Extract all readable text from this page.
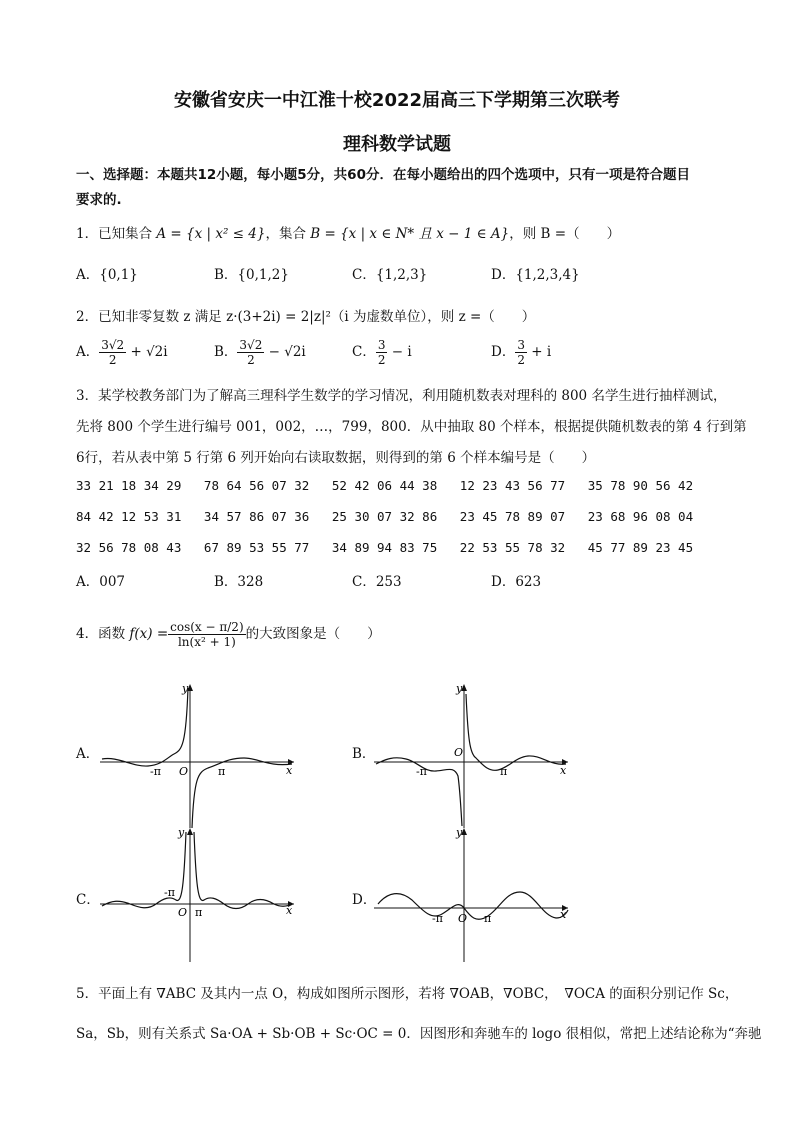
安徽省安庆一中江淮十校2022届高三下学期第三次联考
理科数学试题
一、选择题：本题共12小题，每小题5分，共60分．在每小题给出的四个选项中，只有一项是符合题目
要求的.
1．已知集合 A = {x | x² ≤ 4}，集合 B = {x | x ∈ N* 且 x − 1 ∈ A}，则 B =（　　）
A．{0,1}	B．{0,1,2}	C．{1,2,3}	D．{1,2,3,4}
2．已知非零复数 z 满足 z·(3+2i) = 2|z|²（i 为虚数单位），则 z =（　　）
A． $\frac{3√2}{2} + √2i$	B． $\frac{3√2}{2} - √2i$	C． $\frac{3}{2} - i$	D． $\frac{3}{2} + i$
3．某学校教务部门为了解高三理科学生数学的学习情况，利用随机数表对理科的 800 名学生进行抽样测试，
先将 800 个学生进行编号 001，002，…，799，800．从中抽取 80 个样本，根据提供随机数表的第 4 行到第
6行，若从表中第 5 行第 6 列开始向右读取数据，则得到的第 6 个样本编号是（　　）
33 21 18 34 29   78 64 56 07 32   52 42 06 44 38   12 23 43 56 77   35 78 90 56 42
84 42 12 53 31   34 57 86 07 36   25 30 07 32 86   23 45 78 89 07   23 68 96 08 04
32 56 78 08 43   67 89 53 55 77   34 89 94 83 75   22 53 55 78 32   45 77 89 23 45
A．007	B．328	C．253	D．623
4．函数 $f(x) = \frac{\cos(x - \pi/2)}{\text{ln(x² + 1)}}$ 的大致图象是（　　）
A．	B．
C．	D．
y
x
O
-π	π
y
x
O
-π	π
y
x
O
-π
π
y
x
O
-π	π
5．平面上有 ∇ABC 及其内一点 O，构成如图所示图形，若将 ∇OAB，∇OBC，　∇OCA 的面积分别记作 Sc，
Sa，Sb，则有关系式 Sa·OA + Sb·OB + Sc·OC = 0．因图形和奔驰车的 logo 很相似，常把上述结论称为“奔驰
